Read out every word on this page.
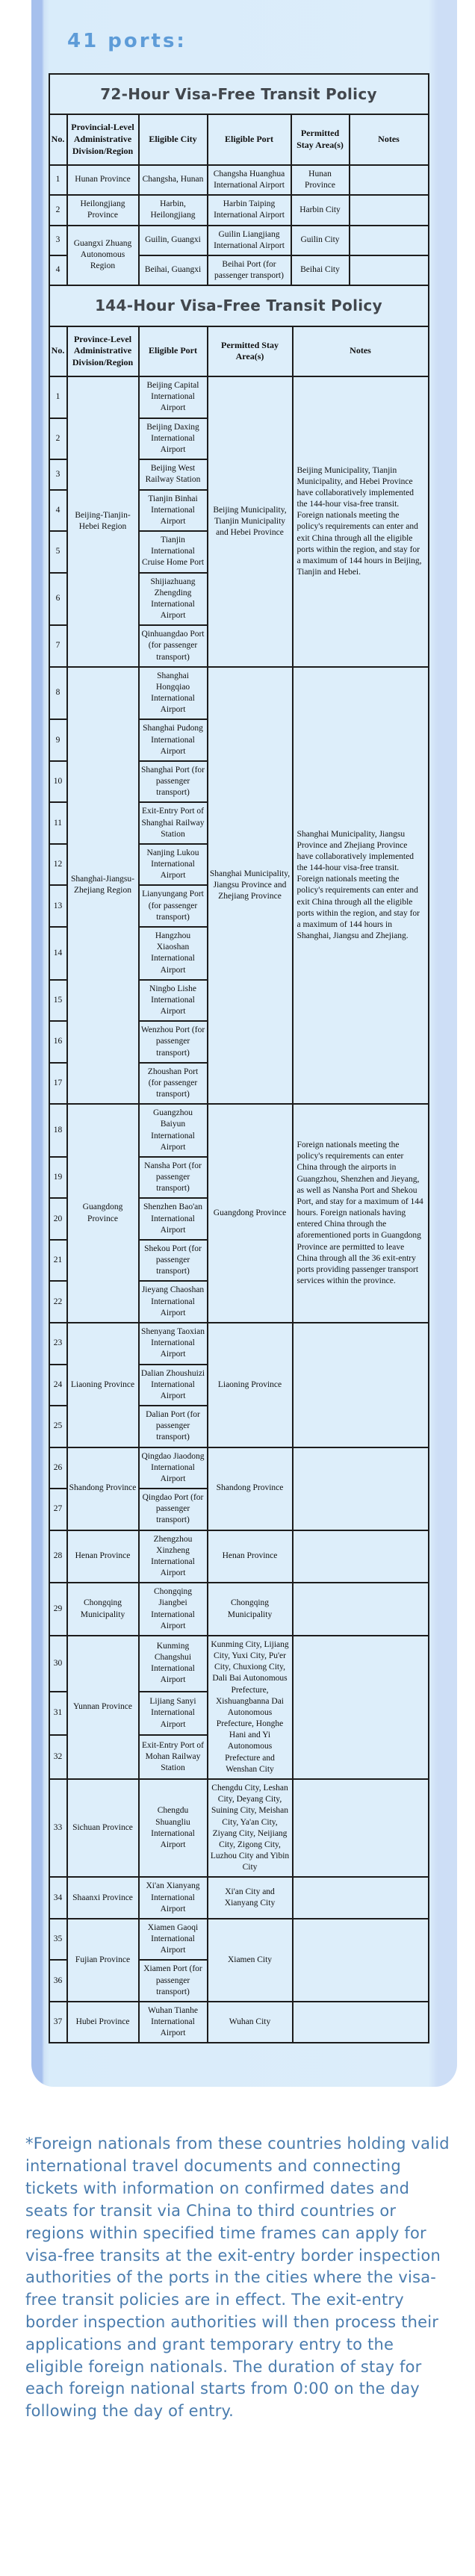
41 ports:
72-Hour Visa-Free Transit Policy					
No.	Provincial-Level Administrative Division/Region	Eligible City	Eligible Port	Permitted Stay Area(s)	Notes
1	Hunan Province	Changsha, Hunan	Changsha Huanghua International Airport	Hunan Province	
2	Heilongjiang Province	Harbin, Heilongjiang	Harbin Taiping International Airport	Harbin City	
3	Guangxi Zhuang Autonomous Region	Guilin, Guangxi	Guilin Liangjiang International Airport	Guilin City	
4		Beihai, Guangxi	Beihai Port (for passenger transport)	Beihai City	
144-Hour Visa-Free Transit Policy				
No.	Province-Level Administrative Division/Region	Eligible Port	Permitted Stay Area(s)	Notes
1	Beijing-Tianjin-Hebei Region	Beijing Capital International Airport	Beijing Municipality, Tianjin Municipality and Hebei Province	Beijing Municipality, Tianjin Municipality, and Hebei Province have collaboratively implemented the 144-hour visa-free transit. Foreign nationals meeting the policy's requirements can enter and exit China through all the eligible ports within the region, and stay for a maximum of 144 hours in Beijing, Tianjin and Hebei.
2		Beijing Daxing International Airport		
3		Beijing West Railway Station		
4		Tianjin Binhai International Airport		
5		Tianjin International Cruise Home Port		
6		Shijiazhuang Zhengding International Airport		
7		Qinhuangdao Port (for passenger transport)		
8	Shanghai-Jiangsu-Zhejiang Region	Shanghai Hongqiao International Airport	Shanghai Municipality, Jiangsu Province and Zhejiang Province	Shanghai Municipality, Jiangsu Province and Zhejiang Province have collaboratively implemented the 144-hour visa-free transit. Foreign nationals meeting the policy's requirements can enter and exit China through all the eligible ports within the region, and stay for a maximum of 144 hours in Shanghai, Jiangsu and Zhejiang.
9		Shanghai Pudong International Airport		
10		Shanghai Port (for passenger transport)		
11		Exit-Entry Port of Shanghai Railway Station		
12		Nanjing Lukou International Airport		
13		Lianyungang Port (for passenger transport)		
14		Hangzhou Xiaoshan International Airport		
15		Ningbo Lishe International Airport		
16		Wenzhou Port (for passenger transport)		
17		Zhoushan Port (for passenger transport)		
18	Guangdong Province	Guangzhou Baiyun International Airport	Guangdong Province	Foreign nationals meeting the policy's requirements can enter China through the airports in Guangzhou, Shenzhen and Jieyang, as well as Nansha Port and Shekou Port, and stay for a maximum of 144 hours. Foreign nationals having entered China through the aforementioned ports in Guangdong Province are permitted to leave China through all the 36 exit-entry ports providing passenger transport services within the province.
19		Nansha Port (for passenger transport)		
20		Shenzhen Bao'an International Airport		
21		Shekou Port (for passenger transport)		
22		Jieyang Chaoshan International Airport		
23	Liaoning Province	Shenyang Taoxian International Airport	Liaoning Province	
24		Dalian Zhoushuizi International Airport		
25		Dalian Port (for passenger transport)		
26	Shandong Province	Qingdao Jiaodong International Airport	Shandong Province	
27		Qingdao Port (for passenger transport)		
28	Henan Province	Zhengzhou Xinzheng International Airport	Henan Province	
29	Chongqing Municipality	Chongqing Jiangbei International Airport	Chongqing Municipality	
30	Yunnan Province	Kunming Changshui International Airport	Kunming City, Lijiang City, Yuxi City, Pu'er City, Chuxiong City, Dali Bai Autonomous Prefecture, Xishuangbanna Dai Autonomous Prefecture, Honghe Hani and Yi Autonomous Prefecture and Wenshan City	
31		Lijiang Sanyi International Airport		
32		Exit-Entry Port of Mohan Railway Station		
33	Sichuan Province	Chengdu Shuangliu International Airport	Chengdu City, Leshan City, Deyang City, Suining City, Meishan City, Ya'an City, Ziyang City, Neijiang City, Zigong City, Luzhou City and Yibin City	
34	Shaanxi Province	Xi'an Xianyang International Airport	Xi'an City and Xianyang City	
35	Fujian Province	Xiamen Gaoqi International Airport	Xiamen City	
36		Xiamen Port (for passenger transport)		
37	Hubei Province	Wuhan Tianhe International Airport	Wuhan City	

*Foreign nationals from these countries holding valid international travel documents and connecting tickets with information on confirmed dates and seats for transit via China to third countries or regions within specified time frames can apply for visa-free transits at the exit-entry border inspection authorities of the ports in the cities where the visa-free transit policies are in effect. The exit-entry border inspection authorities will then process their applications and grant temporary entry to the eligible foreign nationals. The duration of stay for each foreign national starts from 0:00 on the day following the day of entry.
